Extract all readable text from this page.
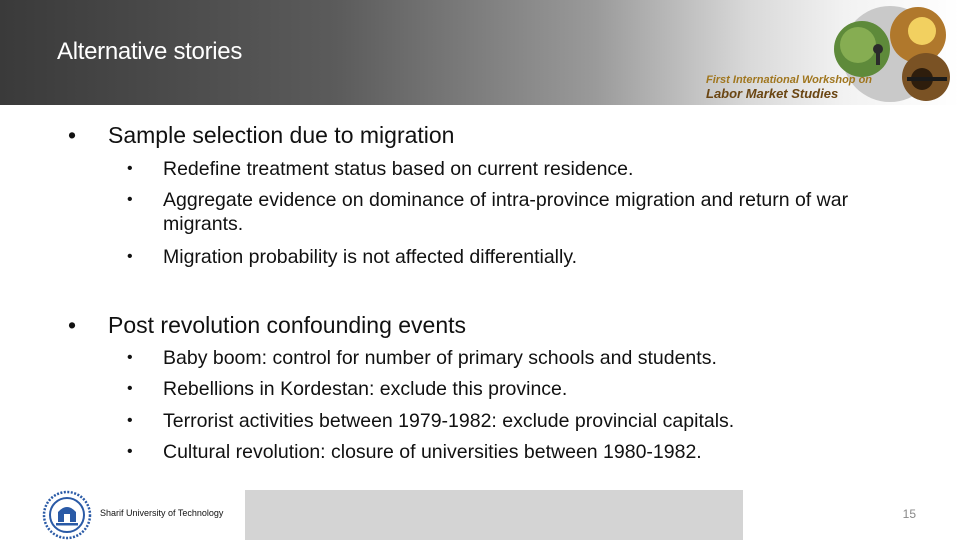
Alternative stories
First International Workshop on
Labor Market Studies
• Sample selection due to migration
• Redefine treatment status based on current residence.
• Aggregate evidence on dominance of intra-province migration and return of war migrants.
• Migration probability is not affected differentially.
• Post revolution confounding events
• Baby boom: control for number of primary schools and students.
• Rebellions in Kordestan: exclude this province.
• Terrorist activities between 1979-1982: exclude provincial capitals.
• Cultural revolution: closure of universities between 1980-1982.
Sharif University of Technology	15
